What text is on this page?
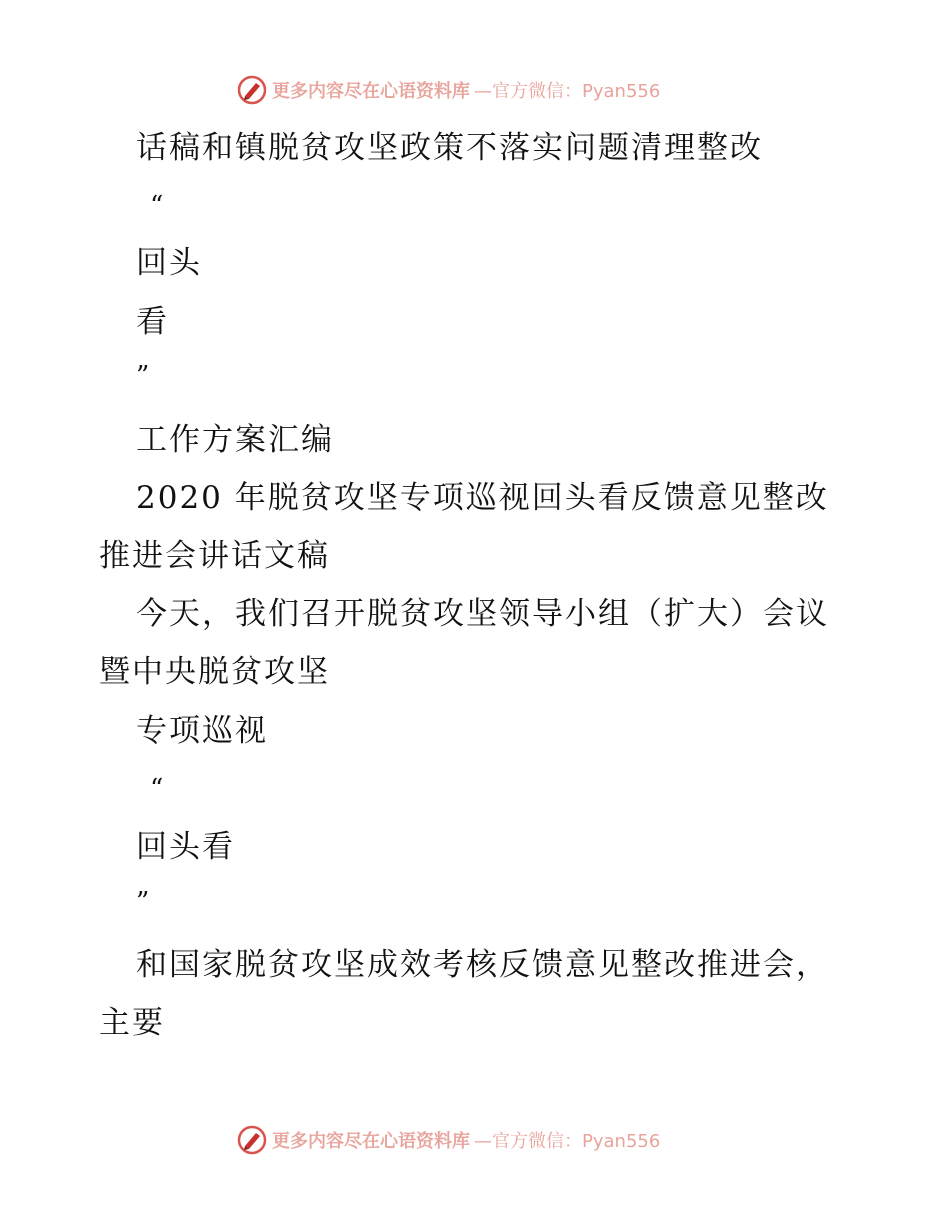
更多内容尽在心语资料库 —官方微信：Pyan556
话稿和镇脱贫攻坚政策不落实问题清理整改
“
回头
看
”
工作方案汇编
2020 年脱贫攻坚专项巡视回头看反馈意见整改
推进会讲话文稿
今天，我们召开脱贫攻坚领导小组（扩大）会议
暨中央脱贫攻坚
专项巡视
“
回头看
”
和国家脱贫攻坚成效考核反馈意见整改推进会，
主要
更多内容尽在心语资料库 —官方微信：Pyan556
